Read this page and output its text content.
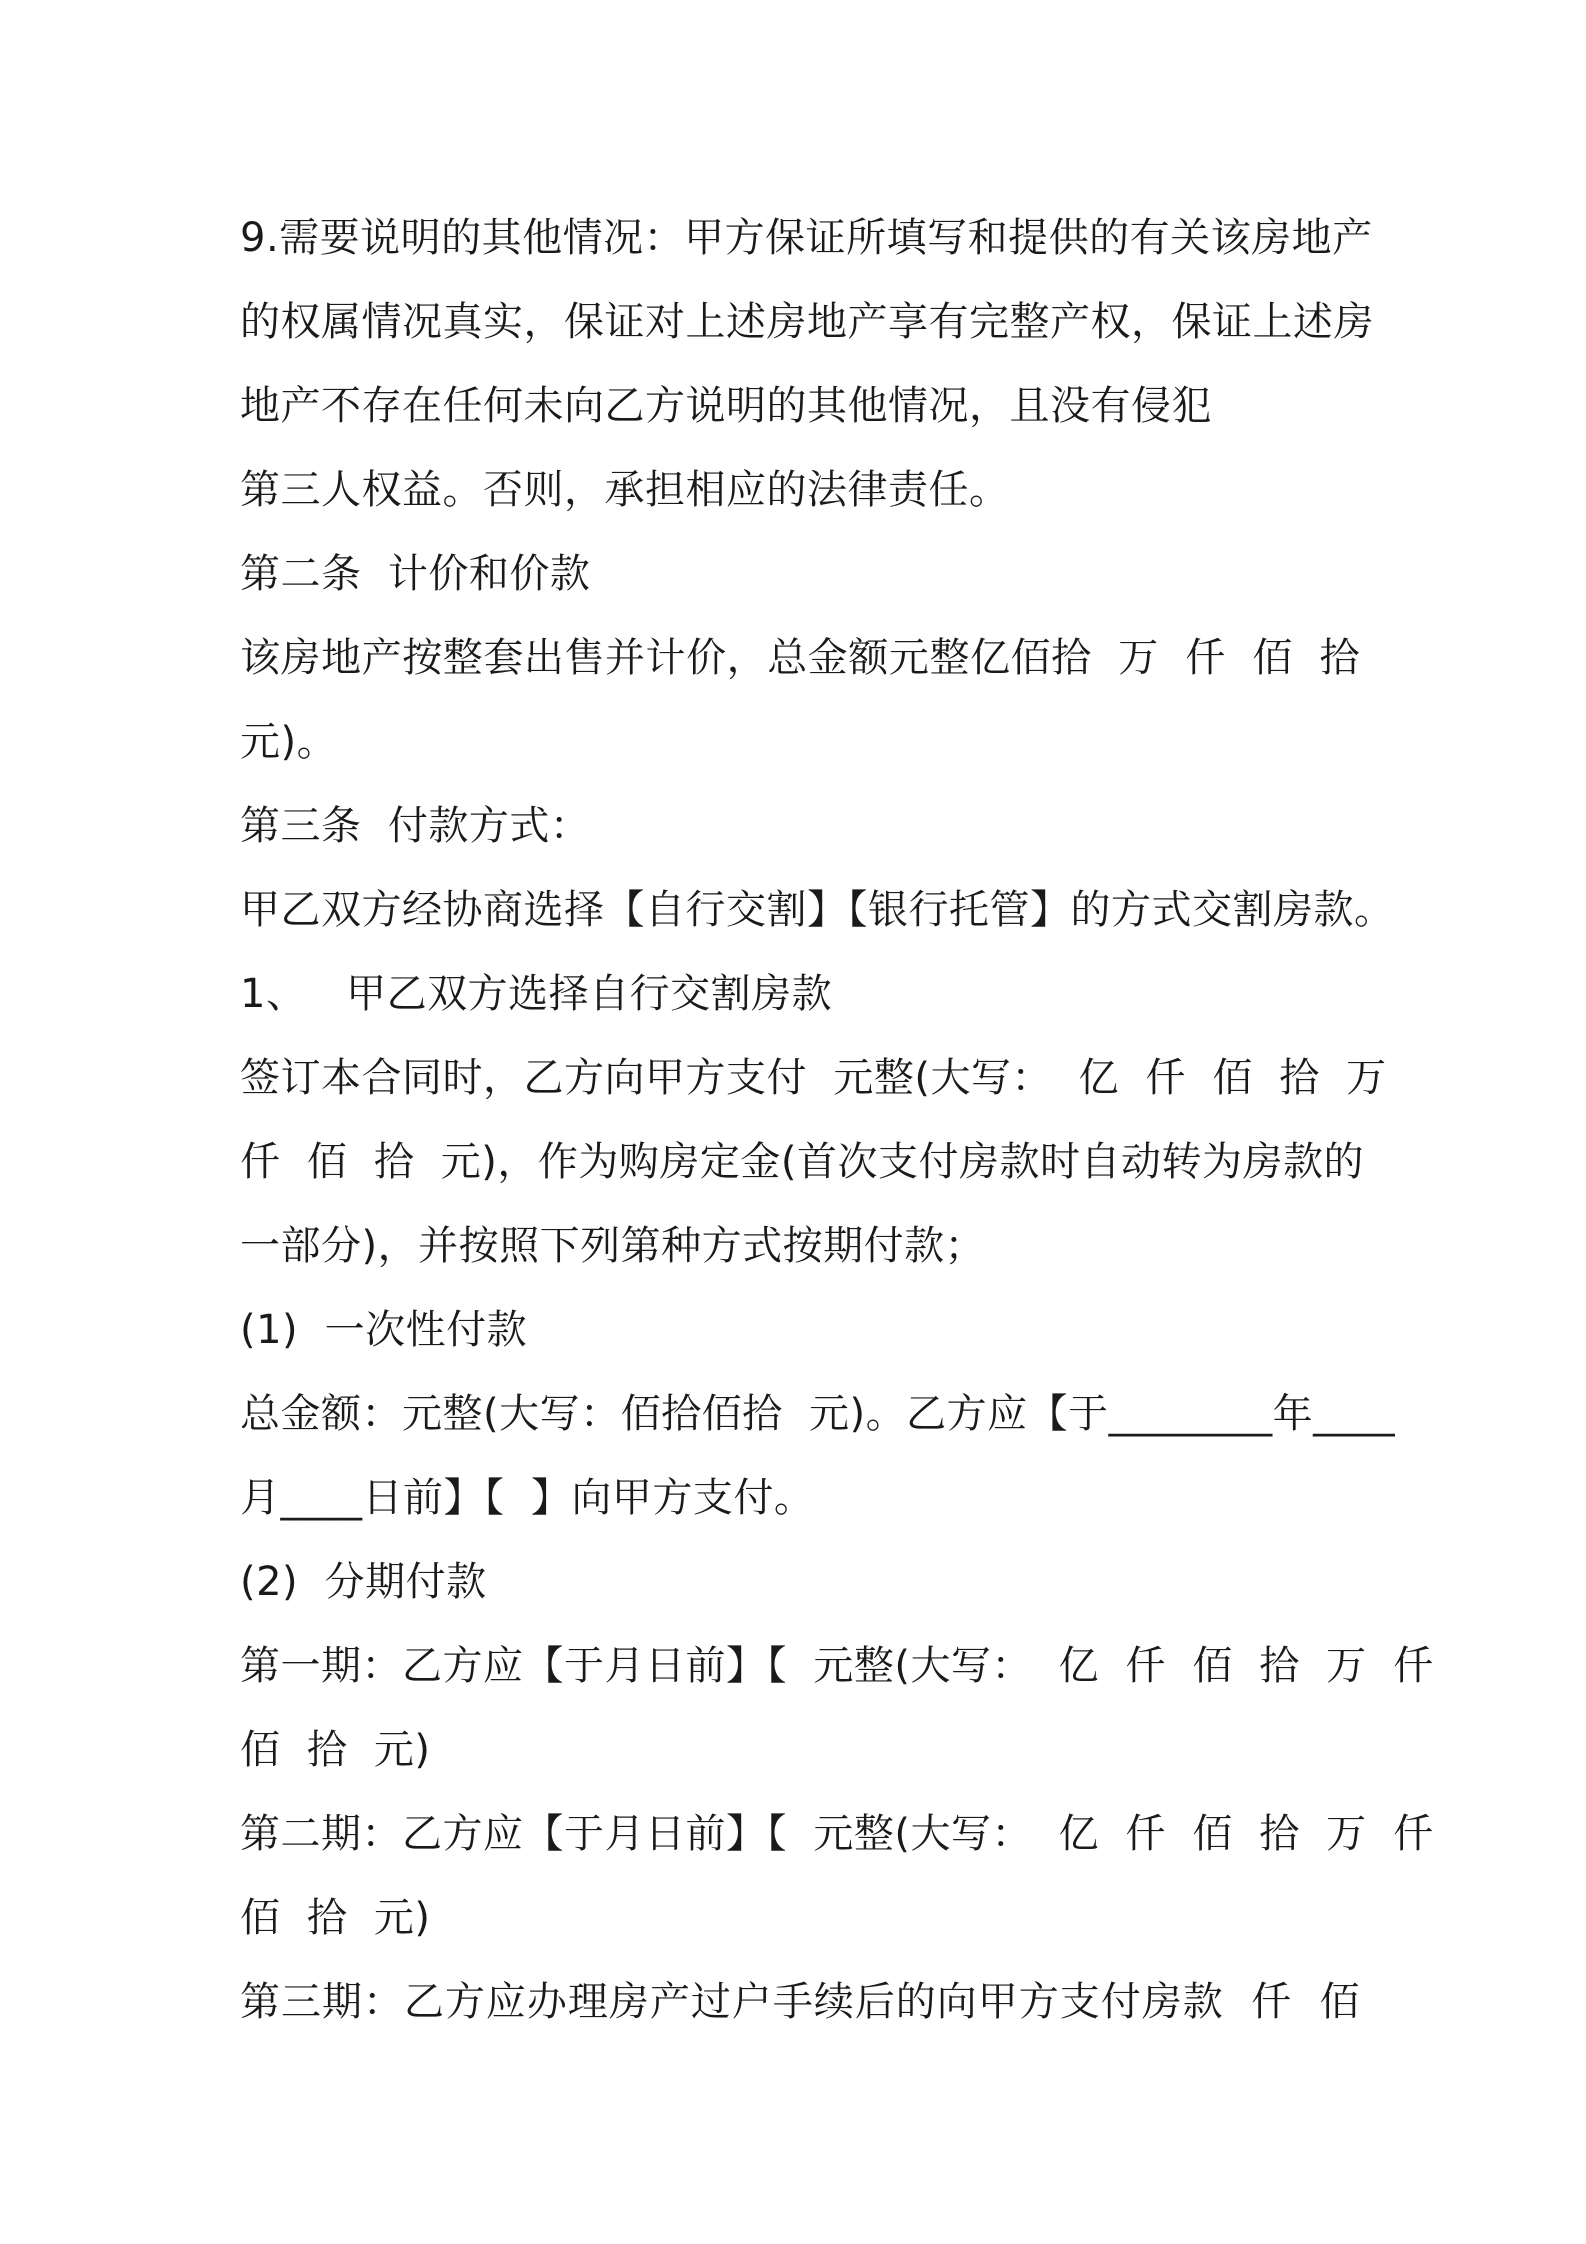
9.需要说明的其他情况：甲方保证所填写和提供的有关该房地产
的权属情况真实，保证对上述房地产享有完整产权，保证上述房
地产不存在任何未向乙方说明的其他情况，且没有侵犯
第三人权益。否则，承担相应的法律责任。
第二条  计价和价款
该房地产按整套出售并计价，总金额元整亿佰拾  万  仟  佰  拾
元)。
第三条  付款方式：
甲乙双方经协商选择【自行交割】【银行托管】的方式交割房款。
1、   甲乙双方选择自行交割房款
签订本合同时，乙方向甲方支付  元整(大写：  亿  仟  佰  拾  万
仟  佰  拾  元)，作为购房定金(首次支付房款时自动转为房款的
一部分)，并按照下列第种方式按期付款；
(1)  一次性付款
总金额：元整(大写：佰拾佰拾  元)。乙方应【于________年____
月____日前】【  】向甲方支付。
(2)  分期付款
第一期：乙方应【于月日前】【  元整(大写：  亿  仟  佰  拾  万  仟
佰  拾  元)
第二期：乙方应【于月日前】【  元整(大写：  亿  仟  佰  拾  万  仟
佰  拾  元)
第三期：乙方应办理房产过户手续后的向甲方支付房款  仟  佰
